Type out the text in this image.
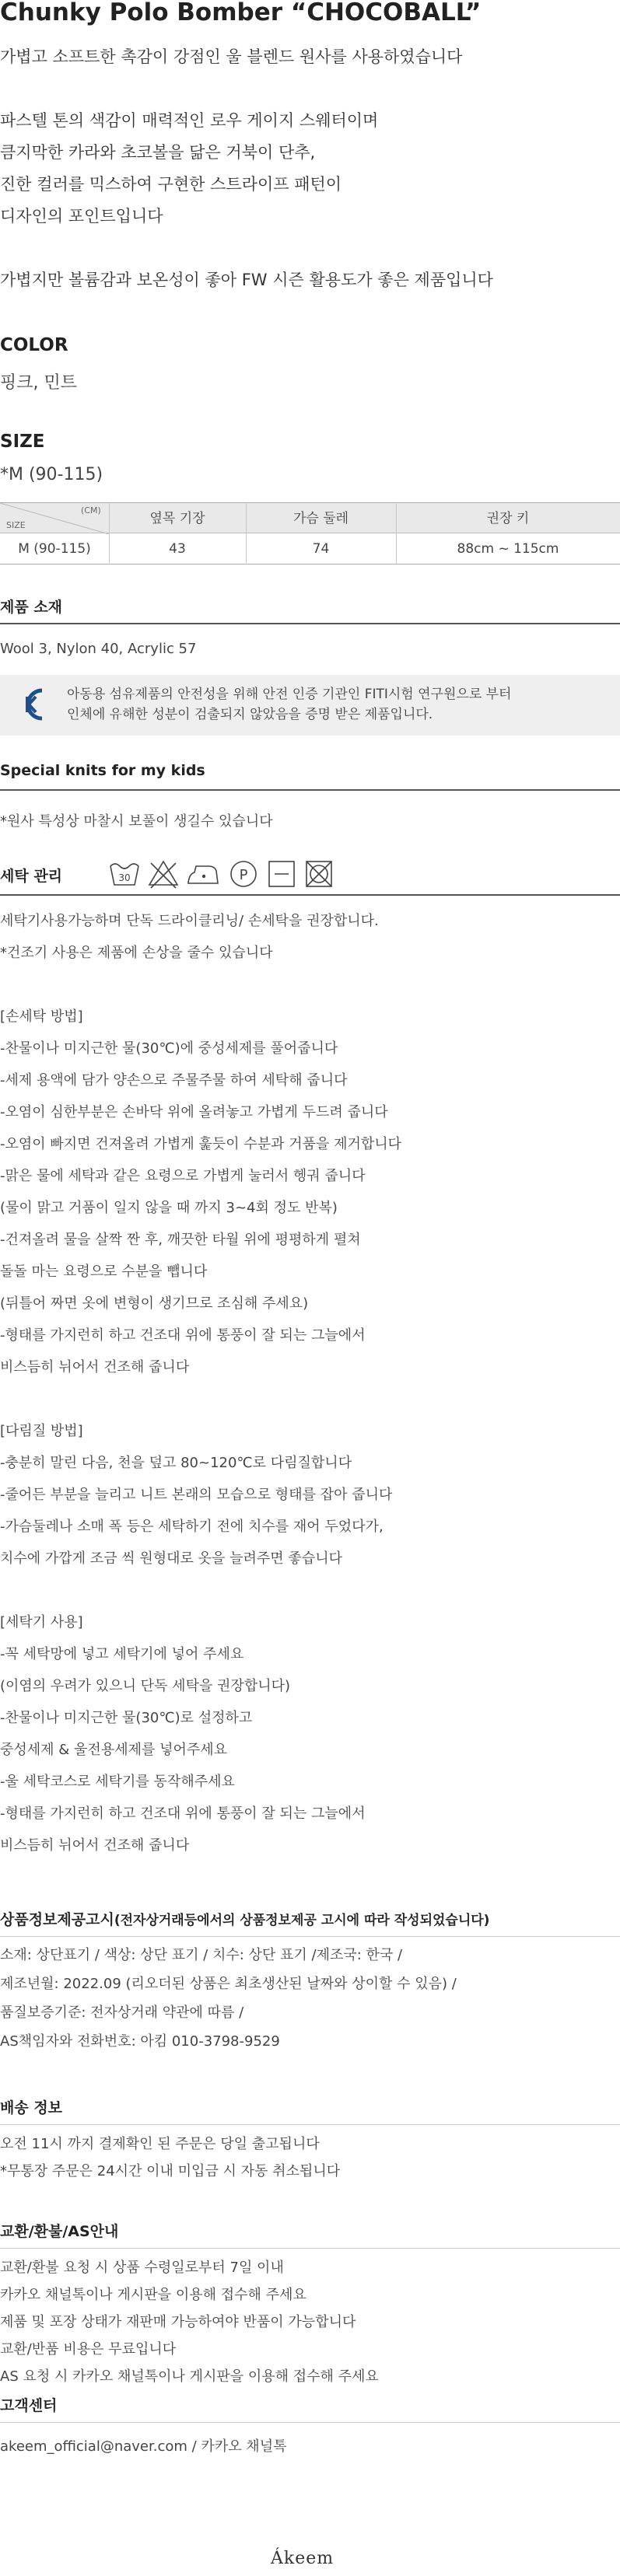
Chunky Polo Bomber “CHOCOBALL”
가볍고 소프트한 촉감이 강점인 울 블렌드 원사를 사용하였습니다
파스텔 톤의 색감이 매력적인 로우 게이지 스웨터이며
큼지막한 카라와 초코볼을 닮은 거북이 단추,
진한 컬러를 믹스하여 구현한 스트라이프 패턴이
디자인의 포인트입니다
가볍지만 볼륨감과 보온성이 좋아 FW 시즌 활용도가 좋은 제품입니다
COLOR
핑크, 민트
SIZE
*M (90-115)
(CM)
SIZE	옆목 기장	가슴 둘레	권장 키
M (90-115)	43	74	88cm ~ 115cm
제품 소재
Wool 3, Nylon 40, Acrylic 57
아동용 섬유제품의 안전성을 위해 안전 인증 기관인 FITI시험 연구원으로 부터
인체에 유해한 성분이 검출되지 않았음을 증명 받은 제품입니다.
Special knits for my kids
*원사 특성상 마찰시 보풀이 생길수 있습니다
세탁 관리	30	P
세탁기사용가능하며 단독 드라이클리닝/ 손세탁을 권장합니다.
*건조기 사용은 제품에 손상을 줄수 있습니다
[손세탁 방법]
-찬물이나 미지근한 물(30℃)에 중성세제를 풀어줍니다
-세제 용액에 담가 양손으로 주물주물 하여 세탁해 줍니다
-오염이 심한부분은 손바닥 위에 올려놓고 가볍게 두드려 줍니다
-오염이 빠지면 건져올려 가볍게 훑듯이 수분과 거품을 제거합니다
-맑은 물에 세탁과 같은 요령으로 가볍게 눌러서 헹궈 줍니다
(물이 맑고 거품이 일지 않을 때 까지 3~4회 정도 반복)
-건져올려 물을 살짝 짠 후, 깨끗한 타월 위에 평평하게 펼쳐
돌돌 마는 요령으로 수분을 뺍니다
(뒤틀어 짜면 옷에 변형이 생기므로 조심해 주세요)
-형태를 가지런히 하고 건조대 위에 통풍이 잘 되는 그늘에서
비스듬히 뉘어서 건조해 줍니다
[다림질 방법]
-충분히 말린 다음, 천을 덮고 80~120℃로 다림질합니다
-줄어든 부분을 늘리고 니트 본래의 모습으로 형태를 잡아 줍니다
-가슴둘레나 소매 폭 등은 세탁하기 전에 치수를 재어 두었다가,
치수에 가깝게 조금 씩 원형대로 옷을 늘려주면 좋습니다
[세탁기 사용]
-꼭 세탁망에 넣고 세탁기에 넣어 주세요
(이염의 우려가 있으니 단독 세탁을 권장합니다)
-찬물이나 미지근한 물(30℃)로 설정하고
중성세제 & 울전용세제를 넣어주세요
-울 세탁코스로 세탁기를 동작해주세요
-형태를 가지런히 하고 건조대 위에 통풍이 잘 되는 그늘에서
비스듬히 뉘어서 건조해 줍니다
상품정보제공고시(전자상거래등에서의 상품정보제공 고시에 따라 작성되었습니다)
소재: 상단표기 / 색상: 상단 표기 / 치수: 상단 표기 /제조국: 한국 /
제조년월: 2022.09 (리오더된 상품은 최초생산된 날짜와 상이할 수 있음) /
품질보증기준: 전자상거래 약관에 따름 /
AS책임자와 전화번호: 아킴 010-3798-9529
배송 정보
오전 11시 까지 결제확인 된 주문은 당일 출고됩니다
*무통장 주문은 24시간 이내 미입금 시 자동 취소됩니다
교환/환불/AS안내
교환/환불 요청 시 상품 수령일로부터 7일 이내
카카오 채널톡이나 게시판을 이용해 접수해 주세요
제품 및 포장 상태가 재판매 가능하여야 반품이 가능합니다
교환/반품 비용은 무료입니다
AS 요청 시 카카오 채널톡이나 게시판을 이용해 접수해 주세요
고객센터
akeem_official@naver.com / 카카오 채널톡
Ákeem
